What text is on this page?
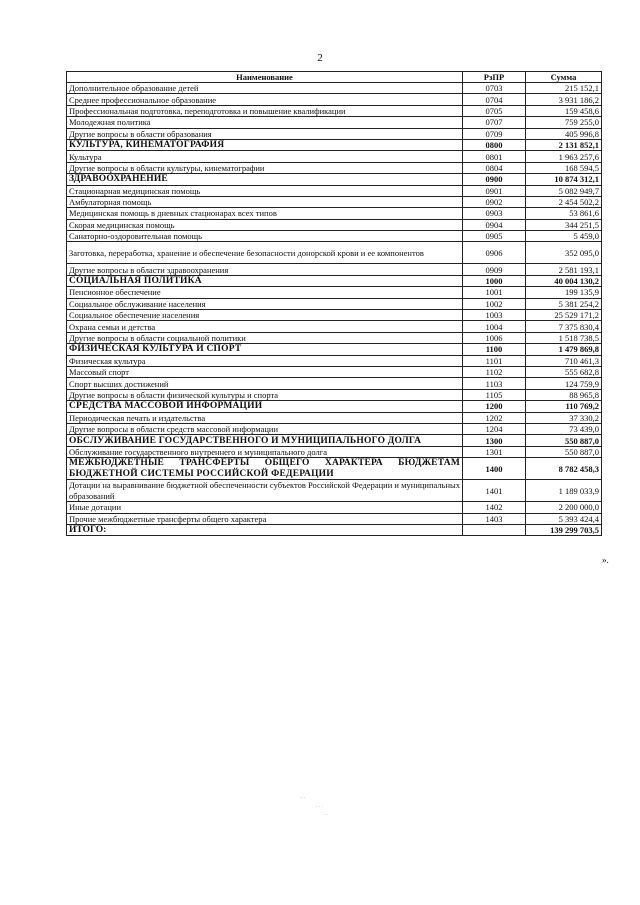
2
Наименование	РзПР	Сумма
Дополнительное образование детей	0703	215 152,1
Среднее профессиональное образование	0704	3 931 186,2
Профессиональная подготовка, переподготовка и повышение квалификации	0705	159 458,6
Молодежная политика	0707	759 255,0
Другие вопросы в области образования	0709	405 996,8
КУЛЬТУРА, КИНЕМАТОГРАФИЯ	0800	2 131 852,1
Культура	0801	1 963 257,6
Другие вопросы в области культуры, кинематографии	0804	168 594,5
ЗДРАВООХРАНЕНИЕ	0900	10 874 312,1
Стационарная медицинская помощь	0901	5 082 949,7
Амбулаторная помощь	0902	2 454 502,2
Медицинская помощь в дневных стационарах всех типов	0903	53 861,6
Скорая медицинская помощь	0904	344 251,5
Санаторно-оздоровительная помощь	0905	5 459,0
Заготовка, переработка, хранение и обеспечение безопасности донорской крови и ее компонентов	0906	352 095,0
Другие вопросы в области здравоохранения	0909	2 581 193,1
СОЦИАЛЬНАЯ ПОЛИТИКА	1000	40 004 130,2
Пенсионное обеспечение	1001	199 135,9
Социальное обслуживание населения	1002	5 381 254,2
Социальное обеспечение населения	1003	25 529 171,2
Охрана семьи и детства	1004	7 375 830,4
Другие вопросы в области социальной политики	1006	1 518 738,5
ФИЗИЧЕСКАЯ КУЛЬТУРА И СПОРТ	1100	1 479 869,8
Физическая культура	1101	710 461,3
Массовый спорт	1102	555 682,8
Спорт высших достижений	1103	124 759,9
Другие вопросы в области физической культуры и спорта	1105	88 965,8
СРЕДСТВА МАССОВОЙ ИНФОРМАЦИИ	1200	110 769,2
Периодическая печать и издательства	1202	37 330,2
Другие вопросы в области средств массовой информации	1204	73 439,0
ОБСЛУЖИВАНИЕ ГОСУДАРСТВЕННОГО И МУНИЦИПАЛЬНОГО ДОЛГА	1300	550 887,0
Обслуживание государственного внутреннего и муниципального долга	1301	550 887,0
МЕЖБЮДЖЕТНЫЕ ТРАНСФЕРТЫ ОБЩЕГО ХАРАКТЕРА БЮДЖЕТАМ БЮДЖЕТНОЙ СИСТЕМЫ РОССИЙСКОЙ ФЕДЕРАЦИИ	1400	8 782 458,3
Дотации на выравнивание бюджетной обеспеченности субъектов Российской Федерации и муниципальных образований	1401	1 189 033,9
Иные дотации	1402	2 200 000,0
Прочие межбюджетные трансферты общего характера	1403	5 393 424,4
ИТОГО:		139 299 703,5
».
- -
. . .
· -
